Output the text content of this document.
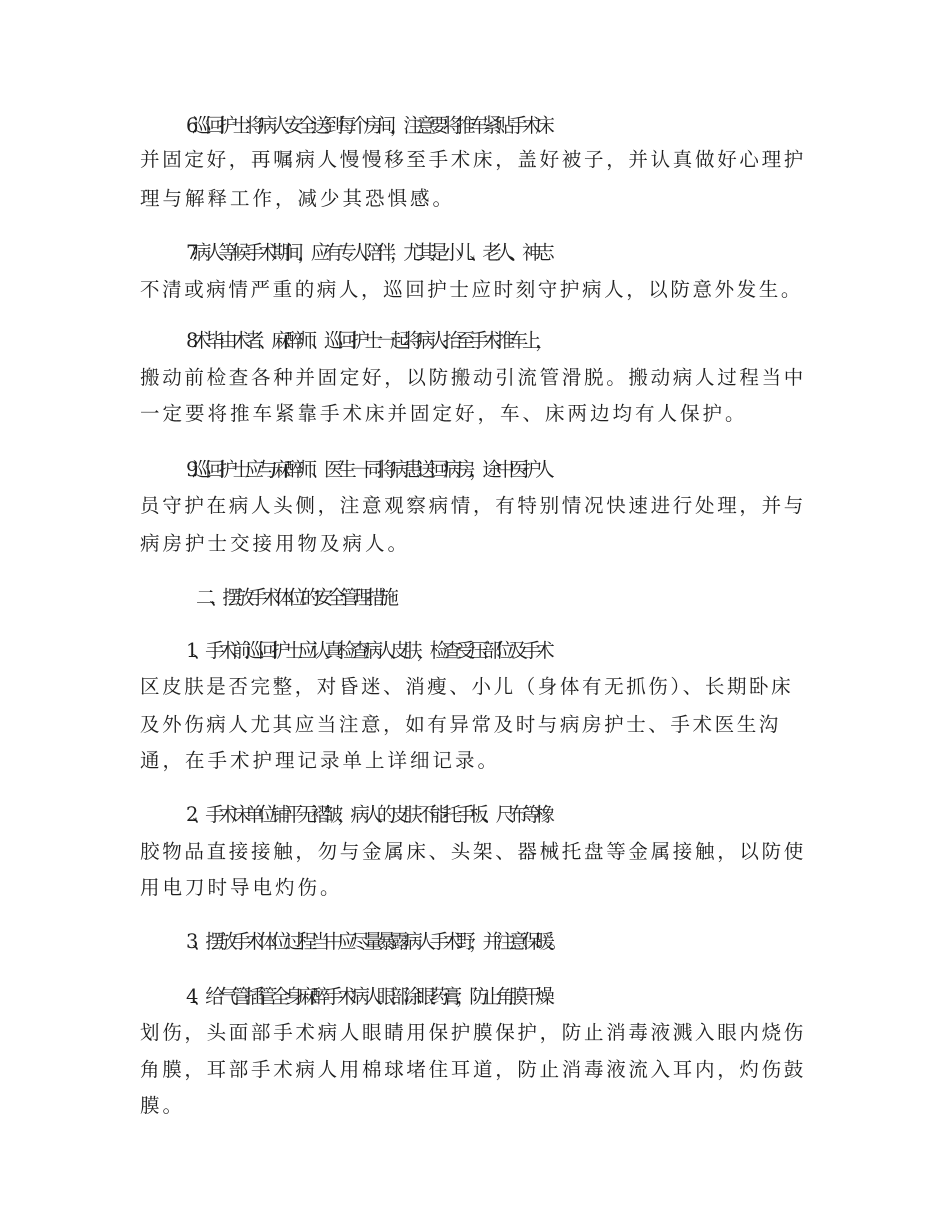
6.巡回护士将病人安全送到每个房间，注意要将推车紧贴手术床
并固定好，再嘱病人慢慢移至手术床，盖好被子，并认真做好心理护
理与解释工作，减少其恐惧感。
7.病人等候手术期间，应有专人陪伴，尤其是小儿、老人、神志
不清或病情严重的病人，巡回护士应时刻守护病人，以防意外发生。
8.术毕由术者、麻醉师、巡回护士一起将病人抬至手术推车上，
搬动前检查各种并固定好，以防搬动引流管滑脱。搬动病人过程当中
一定要将推车紧靠手术床并固定好，车、床两边均有人保护。
9.巡回护士应与麻醉师、医生一同将病患送回病房，途中医护人
员守护在病人头侧，注意观察病情，有特别情况快速进行处理，并与
病房护士交接用物及病人。
二、摆放手术体位的安全管理措施
1、 手术前巡回护士应认真检查病人皮肤，检查受压部位及手术
区皮肤是否完整，对昏迷、消瘦、小儿（身体有无抓伤）、长期卧床
及外伤病人尤其应当注意，如有异常及时与病房护士、手术医生沟
通，在手术护理记录单上详细记录。
2、 手术床单位铺平无褶皱，病人的皮肤不能托手板、尺布等橡
胶物品直接接触，勿与金属床、头架、器械托盘等金属接触，以防使
用电刀时导电灼伤。
3、摆放手术体位过程当中应尽量暴露病人手术野，并注意保暖。
4、 给气管插管全身麻醉手术病人眼部涂眼药膏，防止角膜干燥
划伤，头面部手术病人眼睛用保护膜保护，防止消毒液溅入眼内烧伤
角膜，耳部手术病人用棉球堵住耳道，防止消毒液流入耳内，灼伤鼓
膜。
